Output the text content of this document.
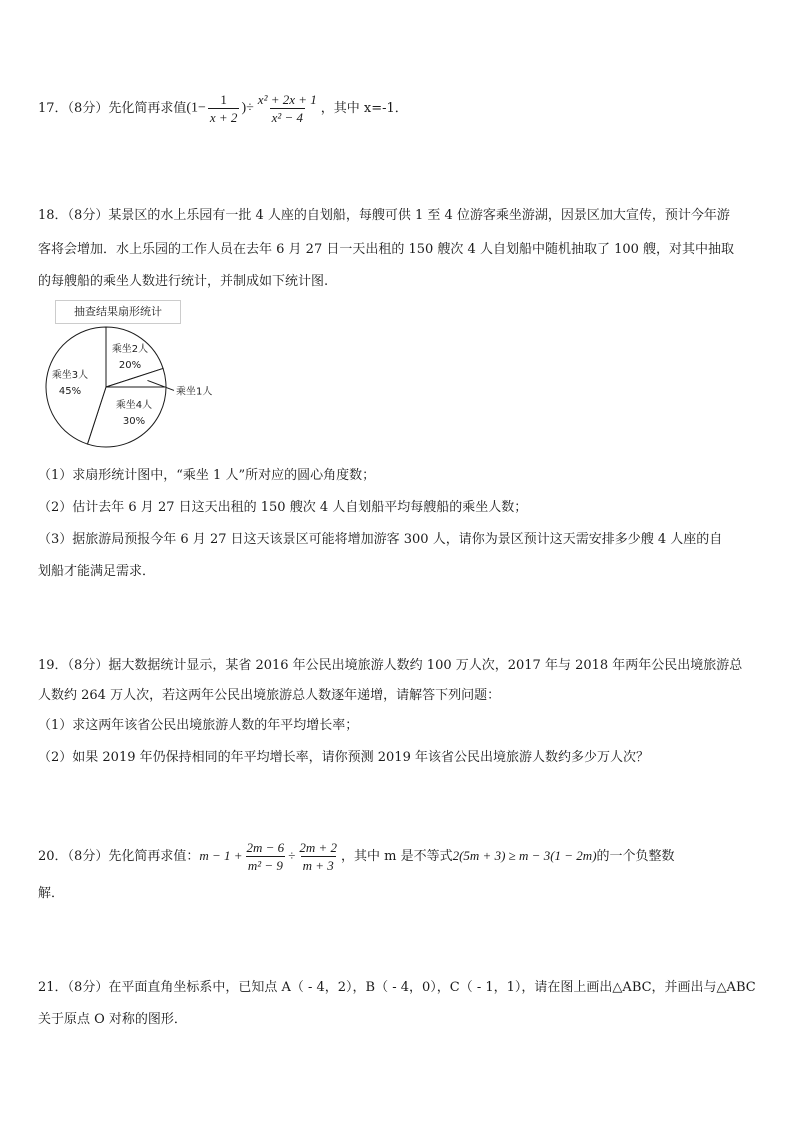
17．（8分）先化简再求值($1- \frac{1}{x + 2}$ )÷ $\frac{\text{x² + 2x + 1}}{\text{x² − 4}}$ ，其中 x=-1．
18．（8分）某景区的水上乐园有一批 4 人座的自划船，每艘可供 1 至 4 位游客乘坐游湖，因景区加大宣传，预计今年游
客将会增加．水上乐园的工作人员在去年 6 月 27 日一天出租的 150 艘次 4 人自划船中随机抽取了 100 艘，对其中抽取
的每艘船的乘坐人数进行统计，并制成如下统计图.
抽查结果扇形统计
乘坐2人
20%
乘坐1人
乘坐4人
30%
乘坐3人
45%
（1）求扇形统计图中，“乘坐 1 人”所对应的圆心角度数；
（2）估计去年 6 月 27 日这天出租的 150 艘次 4 人自划船平均每艘船的乘坐人数；
（3）据旅游局预报今年 6 月 27 日这天该景区可能将增加游客 300 人，请你为景区预计这天需安排多少艘 4 人座的自
划船才能满足需求．
19．（8分）据大数据统计显示，某省 2016 年公民出境旅游人数约 100 万人次，2017 年与 2018 年两年公民出境旅游总
人数约 264 万人次，若这两年公民出境旅游总人数逐年递增，请解答下列问题：
（1）求这两年该省公民出境旅游人数的年平均增长率；
（2）如果 2019 年仍保持相同的年平均增长率，请你预测 2019 年该省公民出境旅游人数约多少万人次？
20．（8分）先化简再求值：$m - 1 + \frac{2m - 6}{\text{m² − 9}} \div \frac{2m + 2}{m + 3}$ ，其中 m 是不等式2(5m + 3) ≥ m − 3(1 − 2m)的一个负整数
解．
21．（8分）在平面直角坐标系中，已知点 A（ - 4，2），B（ - 4，0），C（ - 1，1），请在图上画出△ABC，并画出与△ABC
关于原点 O 对称的图形．
